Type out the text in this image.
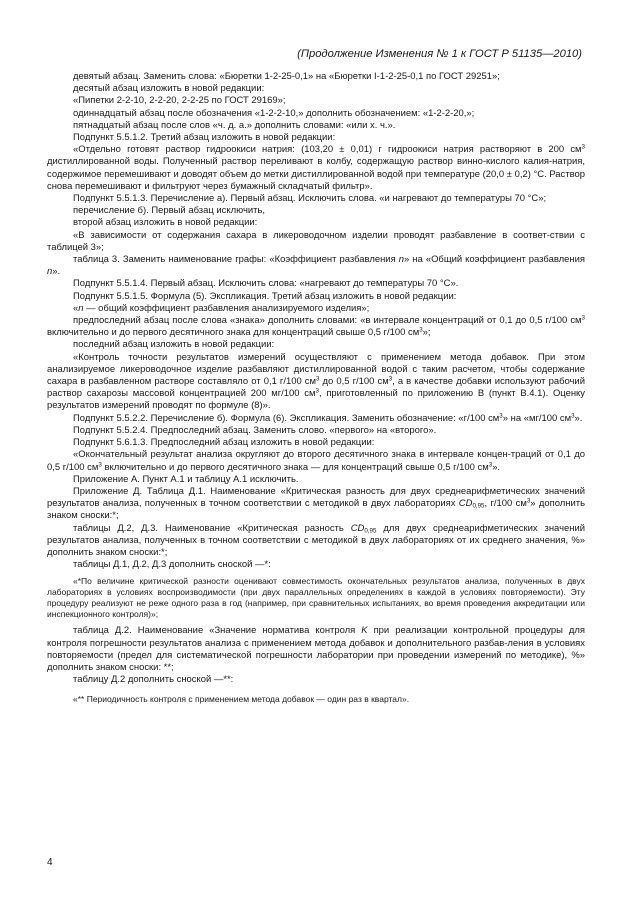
(Продолжение Изменения № 1 к ГОСТ Р 51135—2010)

девятый абзац. Заменить слова: «Бюретки 1-2-25-0,1» на «Бюретки I-1-2-25-0,1 по ГОСТ 29251»;

десятый абзац изложить в новой редакции:

«Пипетки 2-2-10, 2-2-20, 2-2-25 по ГОСТ 29169»;

одиннадцатый абзац после обозначения «1-2-2-10,» дополнить обозначением: «1-2-2-20,»;

пятнадцатый абзац после слов «ч. д. а.» дополнить словами: «или х. ч.».

Подпункт 5.5.1.2. Третий абзац изложить в новой редакции:

«Отдельно готовят раствор гидроокиси натрия: (103,20 ± 0,01) г гидроокиси натрия растворяют в 200 $см^3$ дистиллированной воды. Полученный раствор переливают в колбу, содержащую раствор винно-кислого калия-натрия, содержимое перемешивают и доводят объем до метки дистиллированной водой при температуре (20,0 ± 0,2) °С. Раствор снова перемешивают и фильтруют через бумажный складчатый фильтр».

Подпункт 5.5.1.3. Перечисление а). Первый абзац. Исключить слова. «и нагревают до температуры 70 °С»;

перечисление б). Первый абзац исключить,

второй абзац изложить в новой редакции:

«В зависимости от содержания сахара в ликероводочном изделии проводят разбавление в соответ-ствии с таблицей 3»;

таблица 3. Заменить наименование графы: «Коэффициент разбавления n» на «Общий коэффициент разбавления n».

Подпункт 5.5.1.4. Первый абзац. Исключить слова: «нагревают до температуры 70 °С».

Подпункт 5.5.1.5. Формула (5). Экспликация. Третий абзац изложить в новой редакции:

«n — общий коэффициент разбавления анализируемого изделия»;

предпоследний абзац после слова «знака» дополнить словами: «в интервале концентраций от 0,1 до 0,5 г/100 $см^3$ включительно и до первого десятичного знака для концентраций свыше 0,5 г/100 $см^3$»;

последний абзац изложить в новой редакции:

«Контроль точности результатов измерений осуществляют с применением метода добавок. При этом анализируемое ликероводочное изделие разбавляют дистиллированной водой с таким расчетом, чтобы содержание сахара в разбавленном растворе составляло от 0,1 г/100 $см^3$ до 0,5 г/100 $см^3$, а в качестве добавки используют рабочий раствор сахарозы массовой концентрацией 200 мг/100 $см^3$, приготовленный по приложению В (пункт В.4.1). Оценку результатов измерений проводят по формуле (8)».

Подпункт 5.5.2.2. Перечисление б). Формула (6). Экспликация. Заменить обозначение: «г/100 $см^3$» на «мг/100 $см^3$».

Подпункт 5.5.2.4. Предпоследний абзац. Заменить слово. «первого» на «второго».

Подпункт 5.6.1.3. Предпоследний абзац изложить в новой редакции:

«Окончательный результат анализа округляют до второго десятичного знака в интервале концен-траций от 0,1 до 0,5 г/100 $см^3$ включительно и до первого десятичного знака — для концентраций свыше 0,5 г/100 $см^3$».

Приложение А. Пункт А.1 и таблицу А.1 исключить.

Приложение Д. Таблица Д.1. Наименование «Критическая разность для двух среднеарифметических значений результатов анализа, полученных в точном соответствии с методикой в двух лабораториях $CD_{0,95}$, г/100 $см^3$» дополнить знаком сноски:*;

таблицы Д.2, Д.3. Наименование «Критическая разность $CD_{0,95}$ для двух среднеарифметических значений результатов анализа, полученных в точном соответствии с методикой в двух лабораториях от их среднего значения, %» дополнить знаком сноски:*;

таблицы Д.1, Д.2, Д.3 дополнить сноской —*:

«*По величине критической разности оценивают совместимость окончательных результатов анализа, полученных в двух лабораториях в условиях воспроизводимости (при двух параллельных определениях в каждой в условиях повторяемости). Эту процедуру реализуют не реже одного раза в год (например, при сравнительных испытаниях, во время проведения аккредитации или инспекционного контроля)»;

таблица Д.2. Наименование «Значение норматива контроля K при реализации контрольной процедуры для контроля погрешности результатов анализа с применением метода добавок и дополнительного разбав-ления в условиях повторяемости (предел для систематической погрешности лаборатории при проведении измерений по методике), %» дополнить знаком сноски: **;

таблицу Д.2 дополнить сноской —**:

«** Периодичность контроля с применением метода добавок — один раз в квартал».

4
